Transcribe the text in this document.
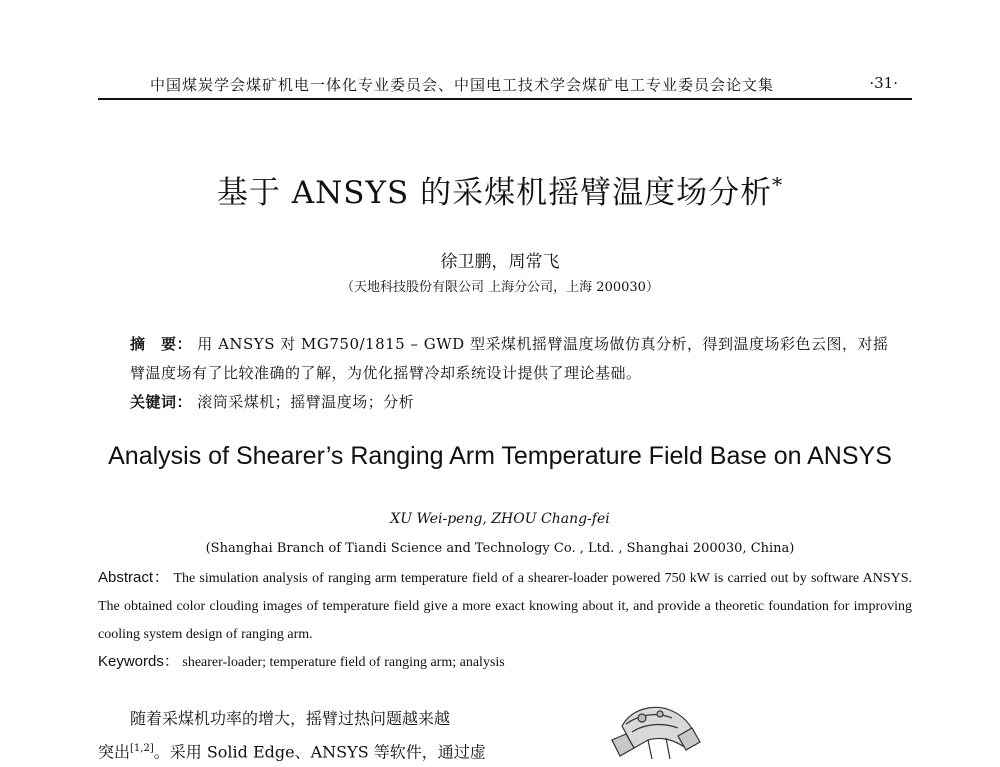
中国煤炭学会煤矿机电一体化专业委员会、中国电工技术学会煤矿电工专业委员会论文集	·31·
基于 ANSYS 的采煤机摇臂温度场分析*
徐卫鹏，周常飞
（天地科技股份有限公司 上海分公司，上海 200030）
摘　要： 用 ANSYS 对 MG750/1815 – GWD 型采煤机摇臂温度场做仿真分析，得到温度场彩色云图，对摇臂温度场有了比较准确的了解，为优化摇臂冷却系统设计提供了理论基础。
关键词： 滚筒采煤机；摇臂温度场；分析
Analysis of Shearer’s Ranging Arm Temperature Field Base on ANSYS
XU Wei-peng, ZHOU Chang-fei
(Shanghai Branch of Tiandi Science and Technology Co. , Ltd. , Shanghai 200030, China)
Abstract： The simulation analysis of ranging arm temperature field of a shearer-loader powered 750 kW is carried out by software ANSYS. The obtained color clouding images of temperature field give a more exact knowing about it, and provide a theoretic foundation for improving cooling system design of ranging arm.
Keywords： shearer-loader; temperature field of ranging arm; analysis
随着采煤机功率的增大，摇臂过热问题越来越
突出[1,2]。采用 Solid Edge、ANSYS 等软件，通过虚
